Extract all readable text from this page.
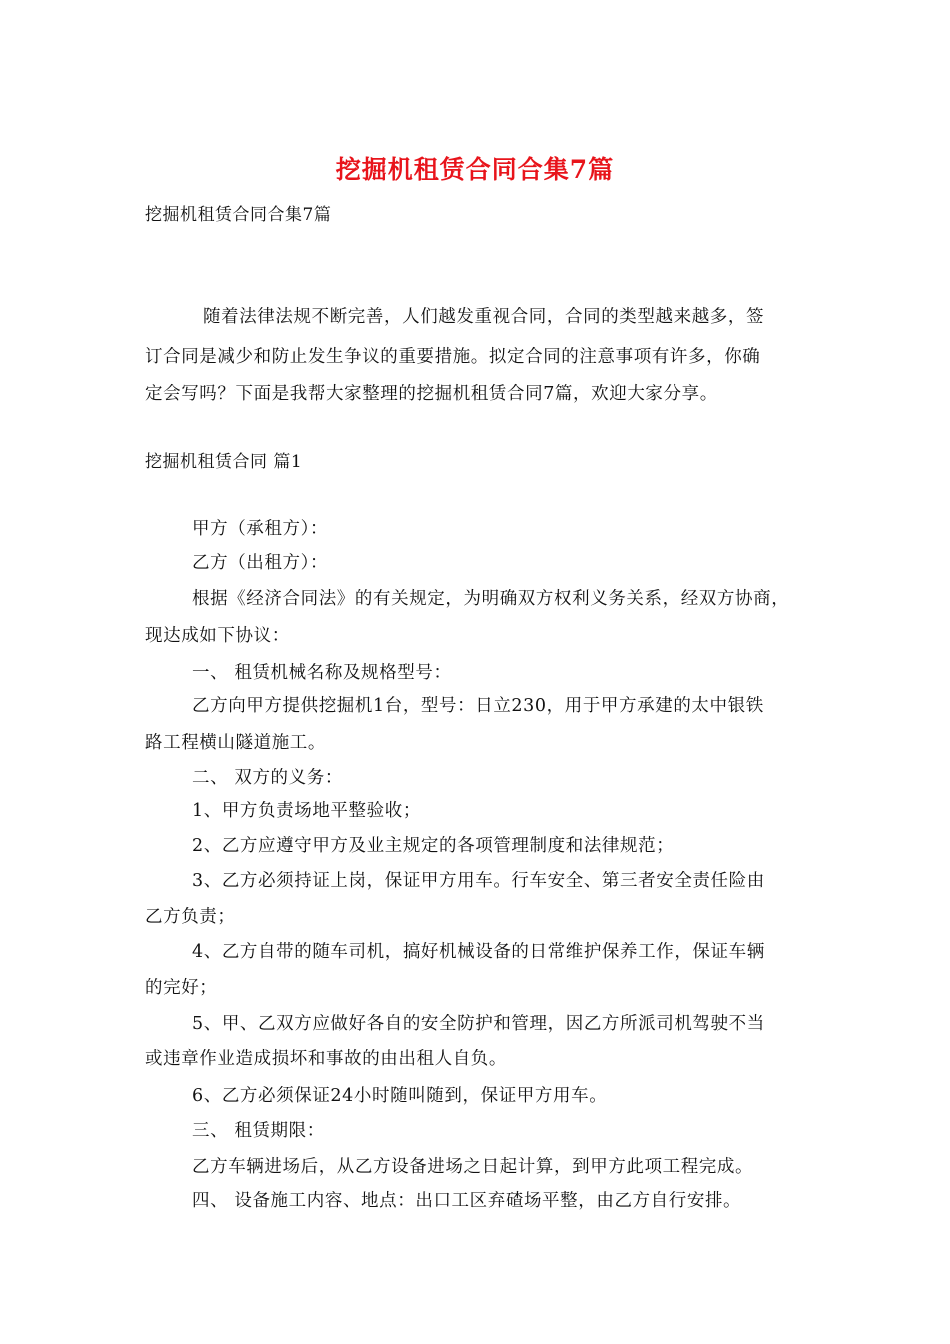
挖掘机租赁合同合集7篇
挖掘机租赁合同合集7篇
随着法律法规不断完善，人们越发重视合同，合同的类型越来越多，签
订合同是减少和防止发生争议的重要措施。拟定合同的注意事项有许多，你确
定会写吗？下面是我帮大家整理的挖掘机租赁合同7篇，欢迎大家分享。
挖掘机租赁合同 篇1
甲方（承租方）：
乙方（出租方）：
根据《经济合同法》的有关规定，为明确双方权利义务关系，经双方协商，
现达成如下协议：
一、 租赁机械名称及规格型号：
乙方向甲方提供挖掘机1台，型号：日立230，用于甲方承建的太中银铁
路工程横山隧道施工。
二、 双方的义务：
1、甲方负责场地平整验收；
2、乙方应遵守甲方及业主规定的各项管理制度和法律规范；
3、乙方必须持证上岗，保证甲方用车。行车安全、第三者安全责任险由
乙方负责；
4、乙方自带的随车司机，搞好机械设备的日常维护保养工作，保证车辆
的完好；
5、甲、乙双方应做好各自的安全防护和管理，因乙方所派司机驾驶不当
或违章作业造成损坏和事故的由出租人自负。
6、乙方必须保证24小时随叫随到，保证甲方用车。
三、 租赁期限：
乙方车辆进场后，从乙方设备进场之日起计算，到甲方此项工程完成。
四、 设备施工内容、地点：出口工区弃碴场平整，由乙方自行安排。
